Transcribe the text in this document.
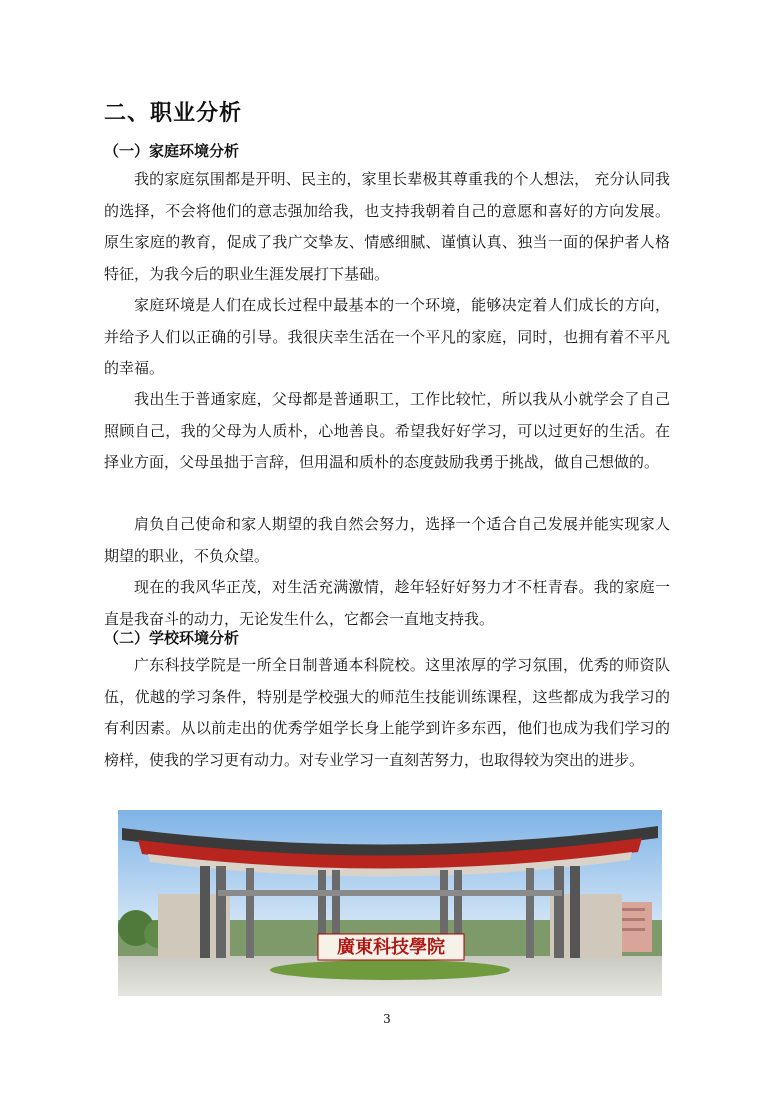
二、职业分析
（一）家庭环境分析

我的家庭氛围都是开明、民主的，家里长辈极其尊重我的个人想法， 充分认同我的选择，不会将他们的意志强加给我，也支持我朝着自己的意愿和喜好的方向发展。原生家庭的教育，促成了我广交挚友、情感细腻、谨慎认真、独当一面的保护者人格特征，为我今后的职业生涯发展打下基础。

家庭环境是人们在成长过程中最基本的一个环境，能够决定着人们成长的方向，并给予人们以正确的引导。我很庆幸生活在一个平凡的家庭，同时，也拥有着不平凡的幸福。

我出生于普通家庭，父母都是普通职工，工作比较忙，所以我从小就学会了自己照顾自己，我的父母为人质朴，心地善良。希望我好好学习，可以过更好的生活。在择业方面，父母虽拙于言辞，但用温和质朴的态度鼓励我勇于挑战，做自己想做的。

肩负自己使命和家人期望的我自然会努力，选择一个适合自己发展并能实现家人期望的职业，不负众望。

现在的我风华正茂，对生活充满激情，趁年轻好好努力才不枉青春。我的家庭一直是我奋斗的动力，无论发生什么，它都会一直地支持我。

（二）学校环境分析

广东科技学院是一所全日制普通本科院校。这里浓厚的学习氛围，优秀的师资队伍，优越的学习条件，特别是学校强大的师范生技能训练课程，这些都成为我学习的有利因素。从以前走出的优秀学姐学长身上能学到许多东西，他们也成为我们学习的榜样，使我的学习更有动力。对专业学习一直刻苦努力，也取得较为突出的进步。

廣東科技學院
3
